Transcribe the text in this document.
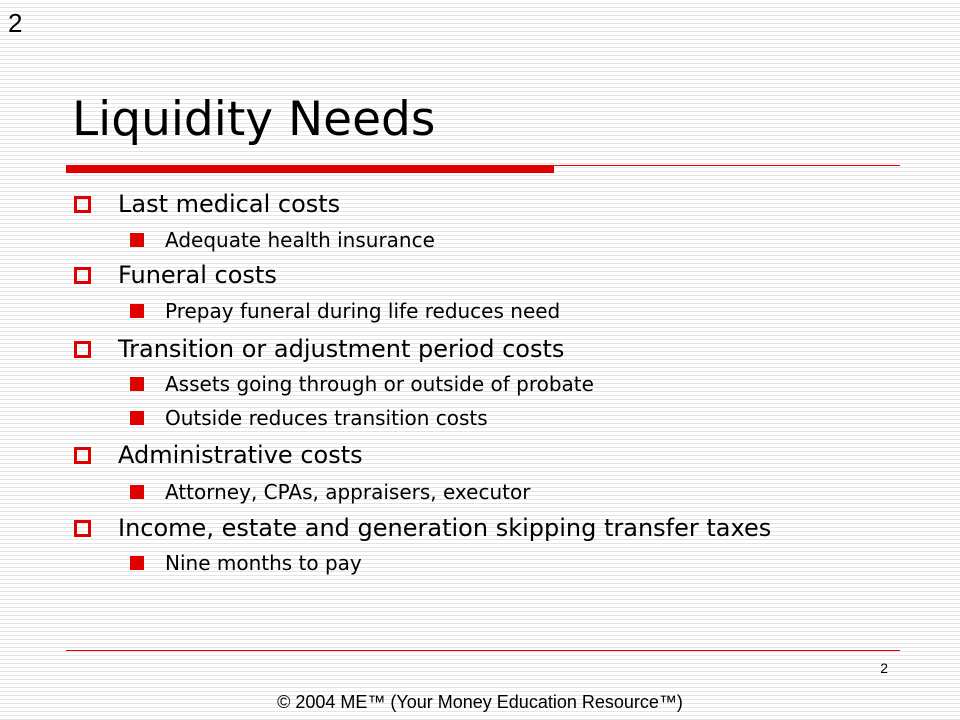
2
Liquidity Needs
Last medical costs
Adequate health insurance
Funeral costs
Prepay funeral during life reduces need
Transition or adjustment period costs
Assets going through or outside of probate
Outside reduces transition costs
Administrative costs
Attorney, CPAs, appraisers, executor
Income, estate and generation skipping transfer taxes
Nine months to pay
2
© 2004 ME™ (Your Money Education Resource™)
